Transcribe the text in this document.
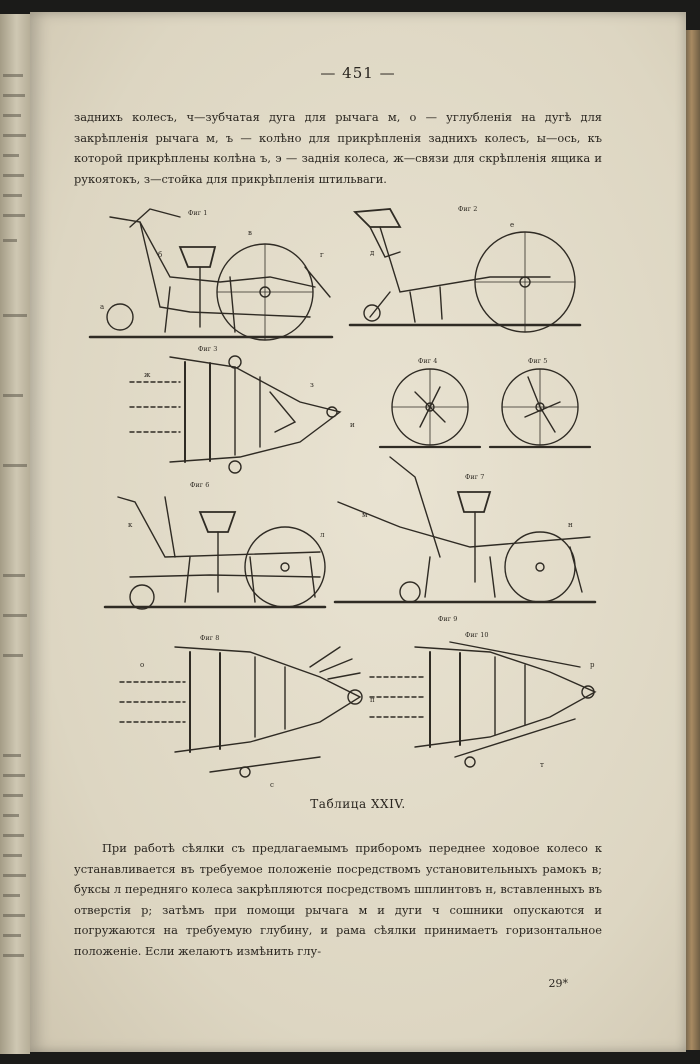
— 451 —
заднихъ колесъ, ч—зубчатая дуга для рычага м, о — углубленія на дугѣ для закрѣпленія рычага м, ъ — колѣно для прикрѣпленія заднихъ колесъ, ы—ось, къ которой прикрѣплены колѣна ъ, э — заднія колеса, ж—связи для скрѣпленія ящика и рукоятокъ, з—стойка для прикрѣпленія штильваги.
а
б
в
г	д
е
ж
з
и
к
л
м
н
о
п
р
с
т
Фиг 1	Фиг 2
Фиг 3
Фиг 4	Фиг 5
Фиг 6
Фиг 7
Фиг 8
Фиг 9
Фиг 10
Таблица XXIV.
При работѣ сѣялки съ предлагаемымъ приборомъ переднее ходовое колесо к устанавливается въ требуемое положеніе посредствомъ установительныхъ рамокъ в; буксы л передняго колеса закрѣпляются посредствомъ шплинтовъ н, вставленныхъ въ отверстія р; затѣмъ при помощи рычага м и дуги ч сошники опускаются и погружаются на требуемую глубину, и рама сѣялки принимаетъ горизонтальное положеніе. Если желаютъ измѣнить глу-
29*
